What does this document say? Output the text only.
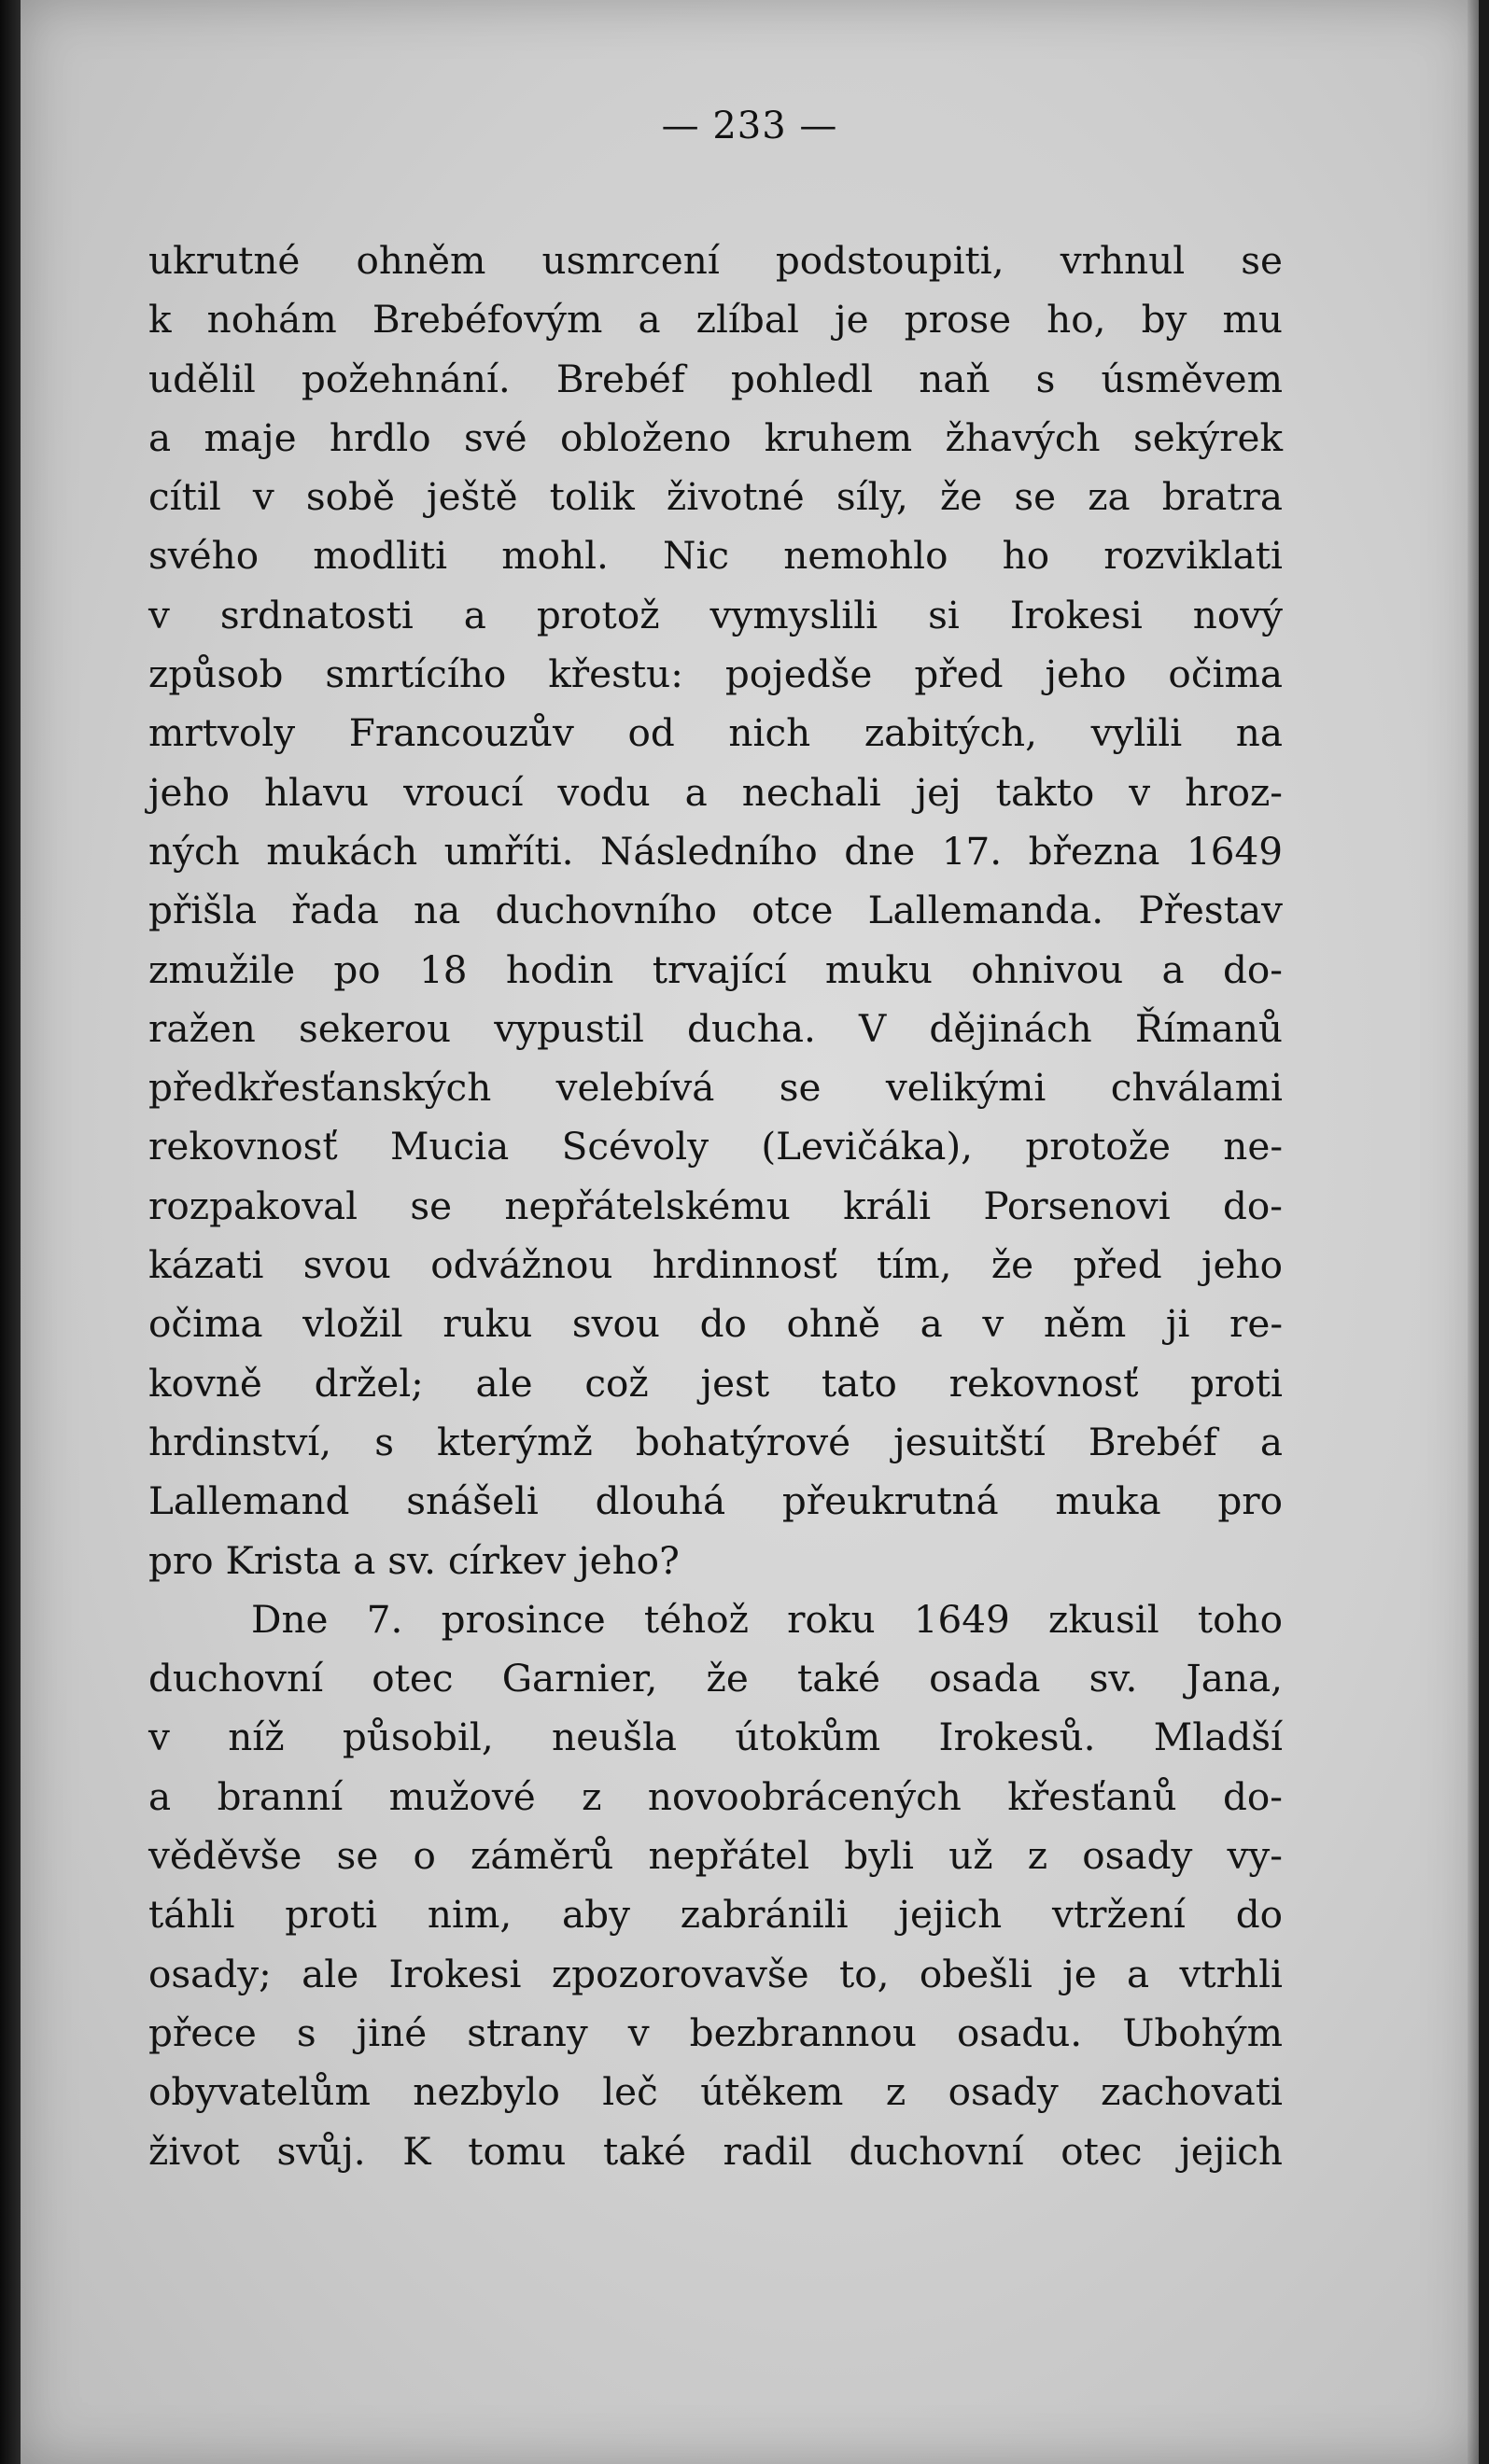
— 233 —
ukrutné ohněm usmrcení podstoupiti, vrhnul se
k nohám Brebéfovým a zlíbal je prose ho, by mu
udělil požehnání. Brebéf pohledl naň s úsměvem
a maje hrdlo své obloženo kruhem žhavých sekýrek
cítil v sobě ještě tolik životné síly, že se za bratra
svého modliti mohl. Nic nemohlo ho rozviklati
v srdnatosti a protož vymyslili si Irokesi nový
způsob smrtícího křestu: pojedše před jeho očima
mrtvoly Francouzův od nich zabitých, vylili na
jeho hlavu vroucí vodu a nechali jej takto v hroz-
ných mukách umříti. Následního dne 17. března 1649
přišla řada na duchovního otce Lallemanda. Přestav
zmužile po 18 hodin trvající muku ohnivou a do-
ražen sekerou vypustil ducha. V dějinách Římanů
předkřesťanských velebívá se velikými chválami
rekovnosť Mucia Scévoly (Levičáka), protože ne-
rozpakoval se nepřátelskému králi Porsenovi do-
kázati svou odvážnou hrdinnosť tím, že před jeho
očima vložil ruku svou do ohně a v něm ji re-
kovně držel; ale což jest tato rekovnosť proti
hrdinství, s kterýmž bohatýrové jesuitští Brebéf a
Lallemand snášeli dlouhá přeukrutná muka pro
pro Krista a sv. církev jeho?
Dne 7. prosince téhož roku 1649 zkusil toho
duchovní otec Garnier, že také osada sv. Jana,
v níž působil, neušla útokům Irokesů. Mladší
a branní mužové z novoobrácených křesťanů do-
věděvše se o záměrů nepřátel byli už z osady vy-
táhli proti nim, aby zabránili jejich vtržení do
osady; ale Irokesi zpozorovavše to, obešli je a vtrhli
přece s jiné strany v bezbrannou osadu. Ubohým
obyvatelům nezbylo leč útěkem z osady zachovati
život svůj. K tomu také radil duchovní otec jejich
